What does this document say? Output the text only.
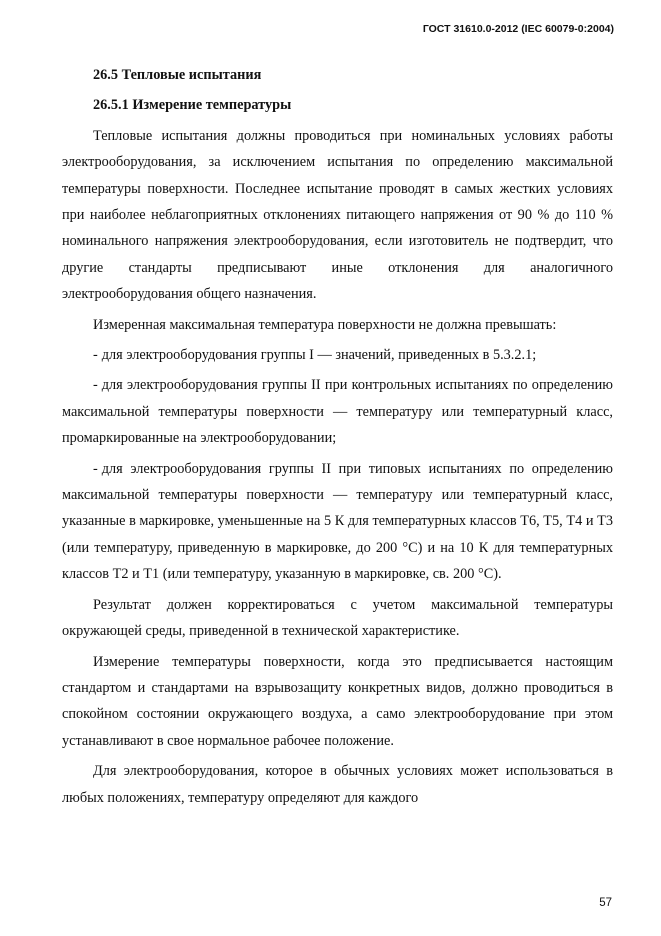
ГОСТ 31610.0-2012 (IEC 60079-0:2004)
26.5 Тепловые испытания
26.5.1 Измерение температуры

Тепловые испытания должны проводиться при номинальных условиях работы электрооборудования, за исключением испытания по определению максимальной температуры поверхности. Последнее испытание проводят в самых жестких условиях при наиболее неблагоприятных отклонениях питающего напряжения от 90 % до 110 % номинального напряжения электрооборудования, если изготовитель не подтвердит, что другие стандарты предписывают иные отклонения для аналогичного электрооборудования общего назначения.

Измеренная максимальная температура поверхности не должна превышать:

- для электрооборудования группы I — значений, приведенных в 5.3.2.1;

- для электрооборудования группы II при контрольных испытаниях по определению максимальной температуры поверхности — температуру или температурный класс, промаркированные на электрооборудовании;

- для электрооборудования группы II при типовых испытаниях по определению максимальной температуры поверхности — температуру или температурный класс, указанные в маркировке, уменьшенные на 5 К для температурных классов Т6, Т5, Т4 и Т3 (или температуру, приведенную в маркировке, до 200 °С) и на 10 К для температурных классов Т2 и Т1 (или температуру, указанную в маркировке, св. 200 °С).

Результат должен корректироваться с учетом максимальной температуры окружающей среды, приведенной в технической характеристике.

Измерение температуры поверхности, когда это предписывается настоящим стандартом и стандартами на взрывозащиту конкретных видов, должно проводиться в спокойном состоянии окружающего воздуха, а само электрооборудование при этом устанавливают в свое нормальное рабочее положение.

Для электрооборудования, которое в обычных условиях может использоваться в любых положениях, температуру определяют для каждого

57
